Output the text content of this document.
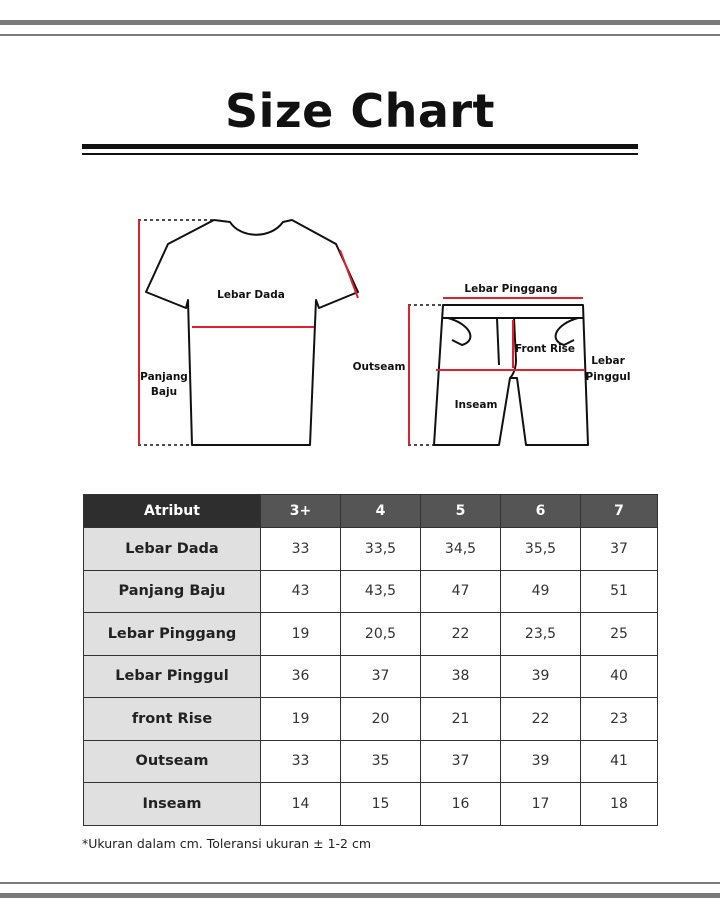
Size Chart
Lebar Dada
Panjang
Baju
Lebar Pinggang
Front Rise
Lebar
Pinggul
Outseam
Inseam
Atribut	3+	4	5	6	7
Lebar Dada	33	33,5	34,5	35,5	37
Panjang Baju	43	43,5	47	49	51
Lebar Pinggang	19	20,5	22	23,5	25
Lebar Pinggul	36	37	38	39	40
front Rise	19	20	21	22	23
Outseam	33	35	37	39	41
Inseam	14	15	16	17	18
*Ukuran dalam cm. Toleransi ukuran ± 1-2 cm
